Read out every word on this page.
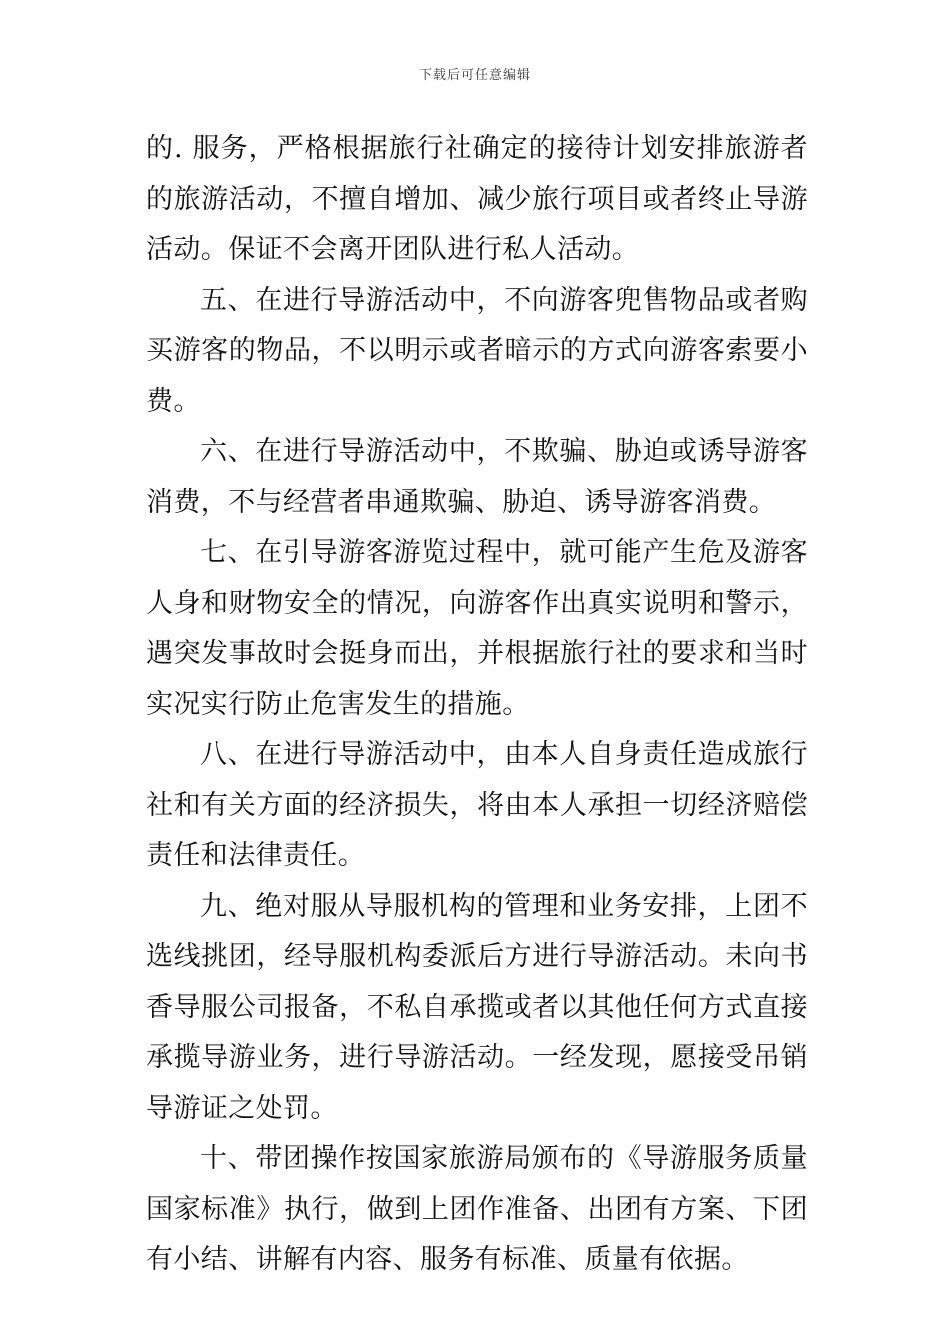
下载后可任意编辑

的. 服务，严格根据旅行社确定的接待计划安排旅游者的旅游活动，不擅自增加、减少旅行项目或者终止导游活动。保证不会离开团队进行私人活动。

五、在进行导游活动中，不向游客兜售物品或者购买游客的物品，不以明示或者暗示的方式向游客索要小费。

六、在进行导游活动中，不欺骗、胁迫或诱导游客消费，不与经营者串通欺骗、胁迫、诱导游客消费。

七、在引导游客游览过程中，就可能产生危及游客人身和财物安全的情况，向游客作出真实说明和警示，遇突发事故时会挺身而出，并根据旅行社的要求和当时实况实行防止危害发生的措施。

八、在进行导游活动中，由本人自身责任造成旅行社和有关方面的经济损失，将由本人承担一切经济赔偿责任和法律责任。

九、绝对服从导服机构的管理和业务安排，上团不选线挑团，经导服机构委派后方进行导游活动。未向书香导服公司报备，不私自承揽或者以其他任何方式直接承揽导游业务，进行导游活动。一经发现，愿接受吊销导游证之处罚。

十、带团操作按国家旅游局颁布的《导游服务质量国家标准》执行，做到上团作准备、出团有方案、下团有小结、讲解有内容、服务有标准、质量有依据。
